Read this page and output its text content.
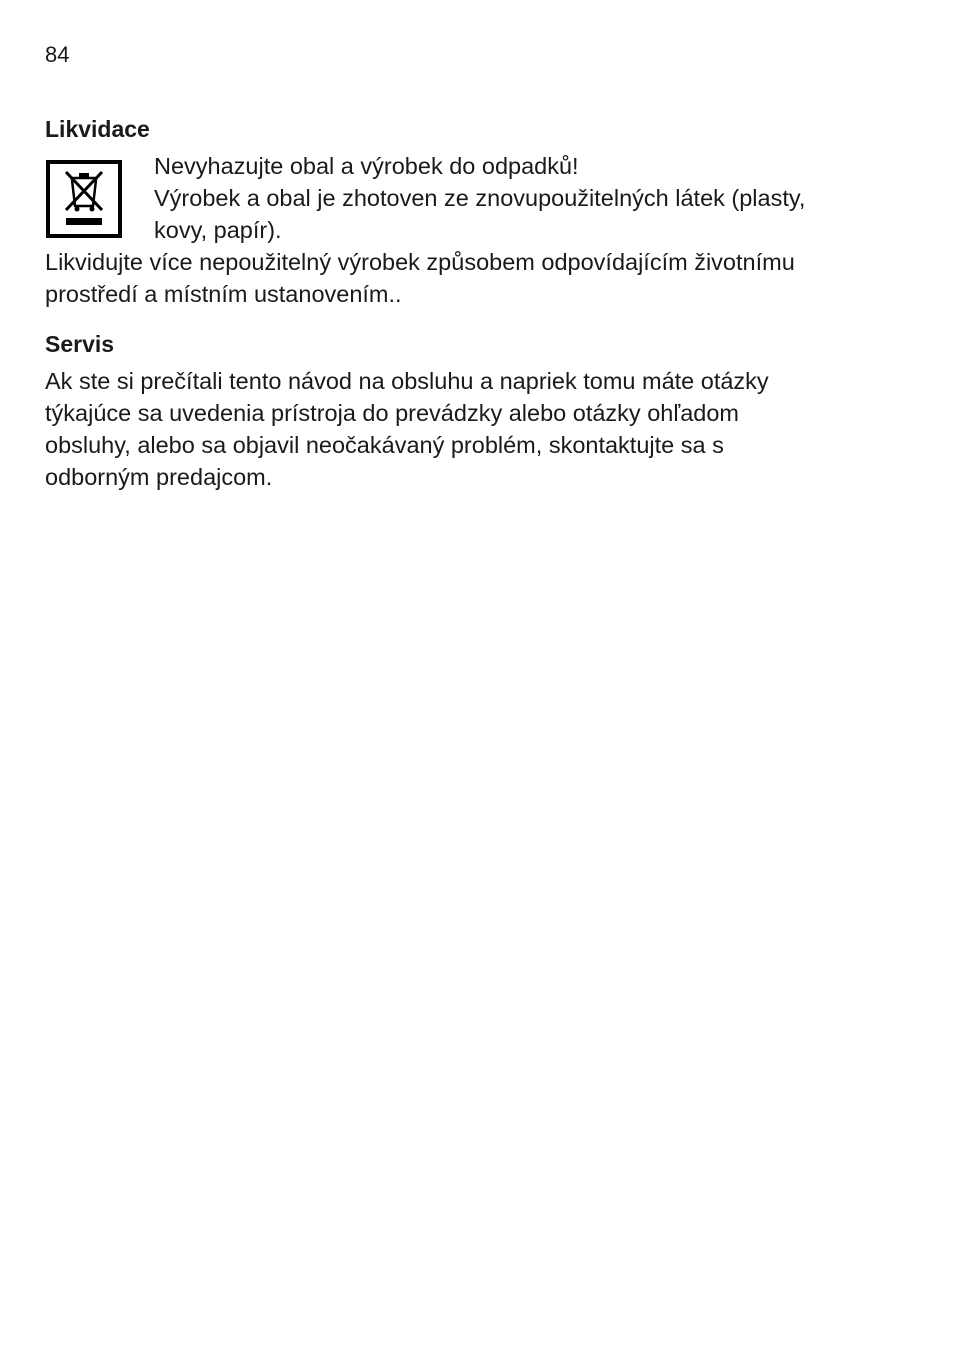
84
Likvidace
Nevyhazujte obal a výrobek do odpadků!
Výrobek a obal je zhotoven ze znovupoužitelných látek (plasty,
kovy, papír).
Likvidujte více nepoužitelný výrobek způsobem odpovídajícím životnímu
prostředí a místním ustanovením..
Servis
Ak ste si prečítali tento návod na obsluhu a napriek tomu máte otázky
týkajúce sa uvedenia prístroja do prevádzky alebo otázky ohľadom
obsluhy, alebo sa objavil neočakávaný problém, skontaktujte sa s
odborným predajcom.
